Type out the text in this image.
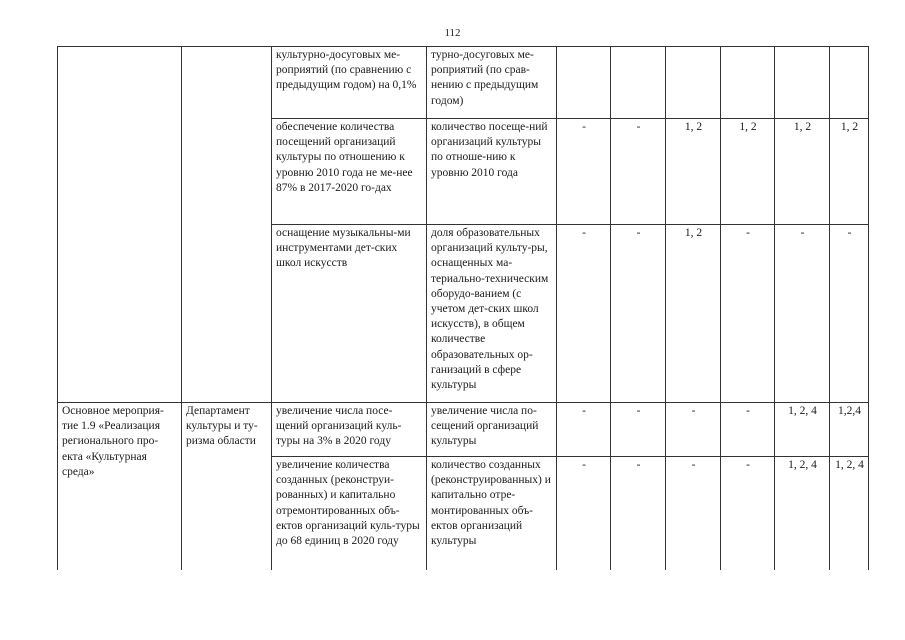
112
		культурно-досуговых ме-роприятий (по сравнению с предыдущим годом) на 0,1%	турно-досуговых ме-роприятий (по срав-нению с предыдущим годом)						
		обеспечение количества посещений организаций культуры по отношению к уровню 2010 года не ме-нее 87% в 2017-2020 го-дах	количество посеще-ний организаций культуры по отноше-нию к уровню 2010 года	-	-	1, 2	1, 2	1, 2	1, 2
		оснащение музыкальны-ми инструментами дет-ских школ искусств	доля образовательных организаций культу-ры, оснащенных ма-териально-техническим оборудо-ванием (с учетом дет-ских школ искусств), в общем количестве образовательных ор-ганизаций в сфере культуры	-	-	1, 2	-	-	-
Основное мероприя-тие 1.9 «Реализация регионального про-екта «Культурная среда»	Департамент культуры и ту-ризма области	увеличение числа посе-щений организаций куль-туры на 3% в 2020 году	увеличение числа по-сещений организаций культуры	-	-	-	-	1, 2, 4	1,2,4
		увеличение количества созданных (реконструи-рованных) и капитально отремонтированных объ-ектов организаций куль-туры до 68 единиц в 2020 году	количество созданных (реконструированных) и капитально отре-монтированных объ-ектов организаций культуры	-	-	-	-	1, 2, 4	1, 2, 4
